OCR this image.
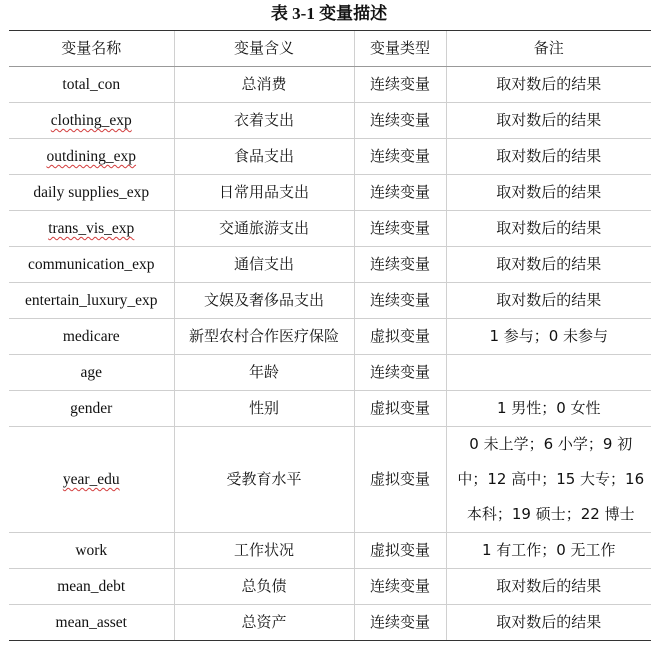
表 3-1 变量描述
变量名称	变量含义	变量类型	备注
total_con	总消费	连续变量	取对数后的结果
clothing_exp	衣着支出	连续变量	取对数后的结果
outdining_exp	食品支出	连续变量	取对数后的结果
daily supplies_exp	日常用品支出	连续变量	取对数后的结果
trans_vis_exp	交通旅游支出	连续变量	取对数后的结果
communication_exp	通信支出	连续变量	取对数后的结果
entertain_luxury_exp	文娱及奢侈品支出	连续变量	取对数后的结果
medicare	新型农村合作医疗保险	虚拟变量	1 参与；0 未参与
age	年龄	连续变量	
gender	性别	虚拟变量	1 男性；0 女性
year_edu	受教育水平	虚拟变量	0 未上学；6 小学；9 初中；12 高中；15 大专；16 本科；19 硕士；22 博士
work	工作状况	虚拟变量	1 有工作；0 无工作
mean_debt	总负债	连续变量	取对数后的结果
mean_asset	总资产	连续变量	取对数后的结果
